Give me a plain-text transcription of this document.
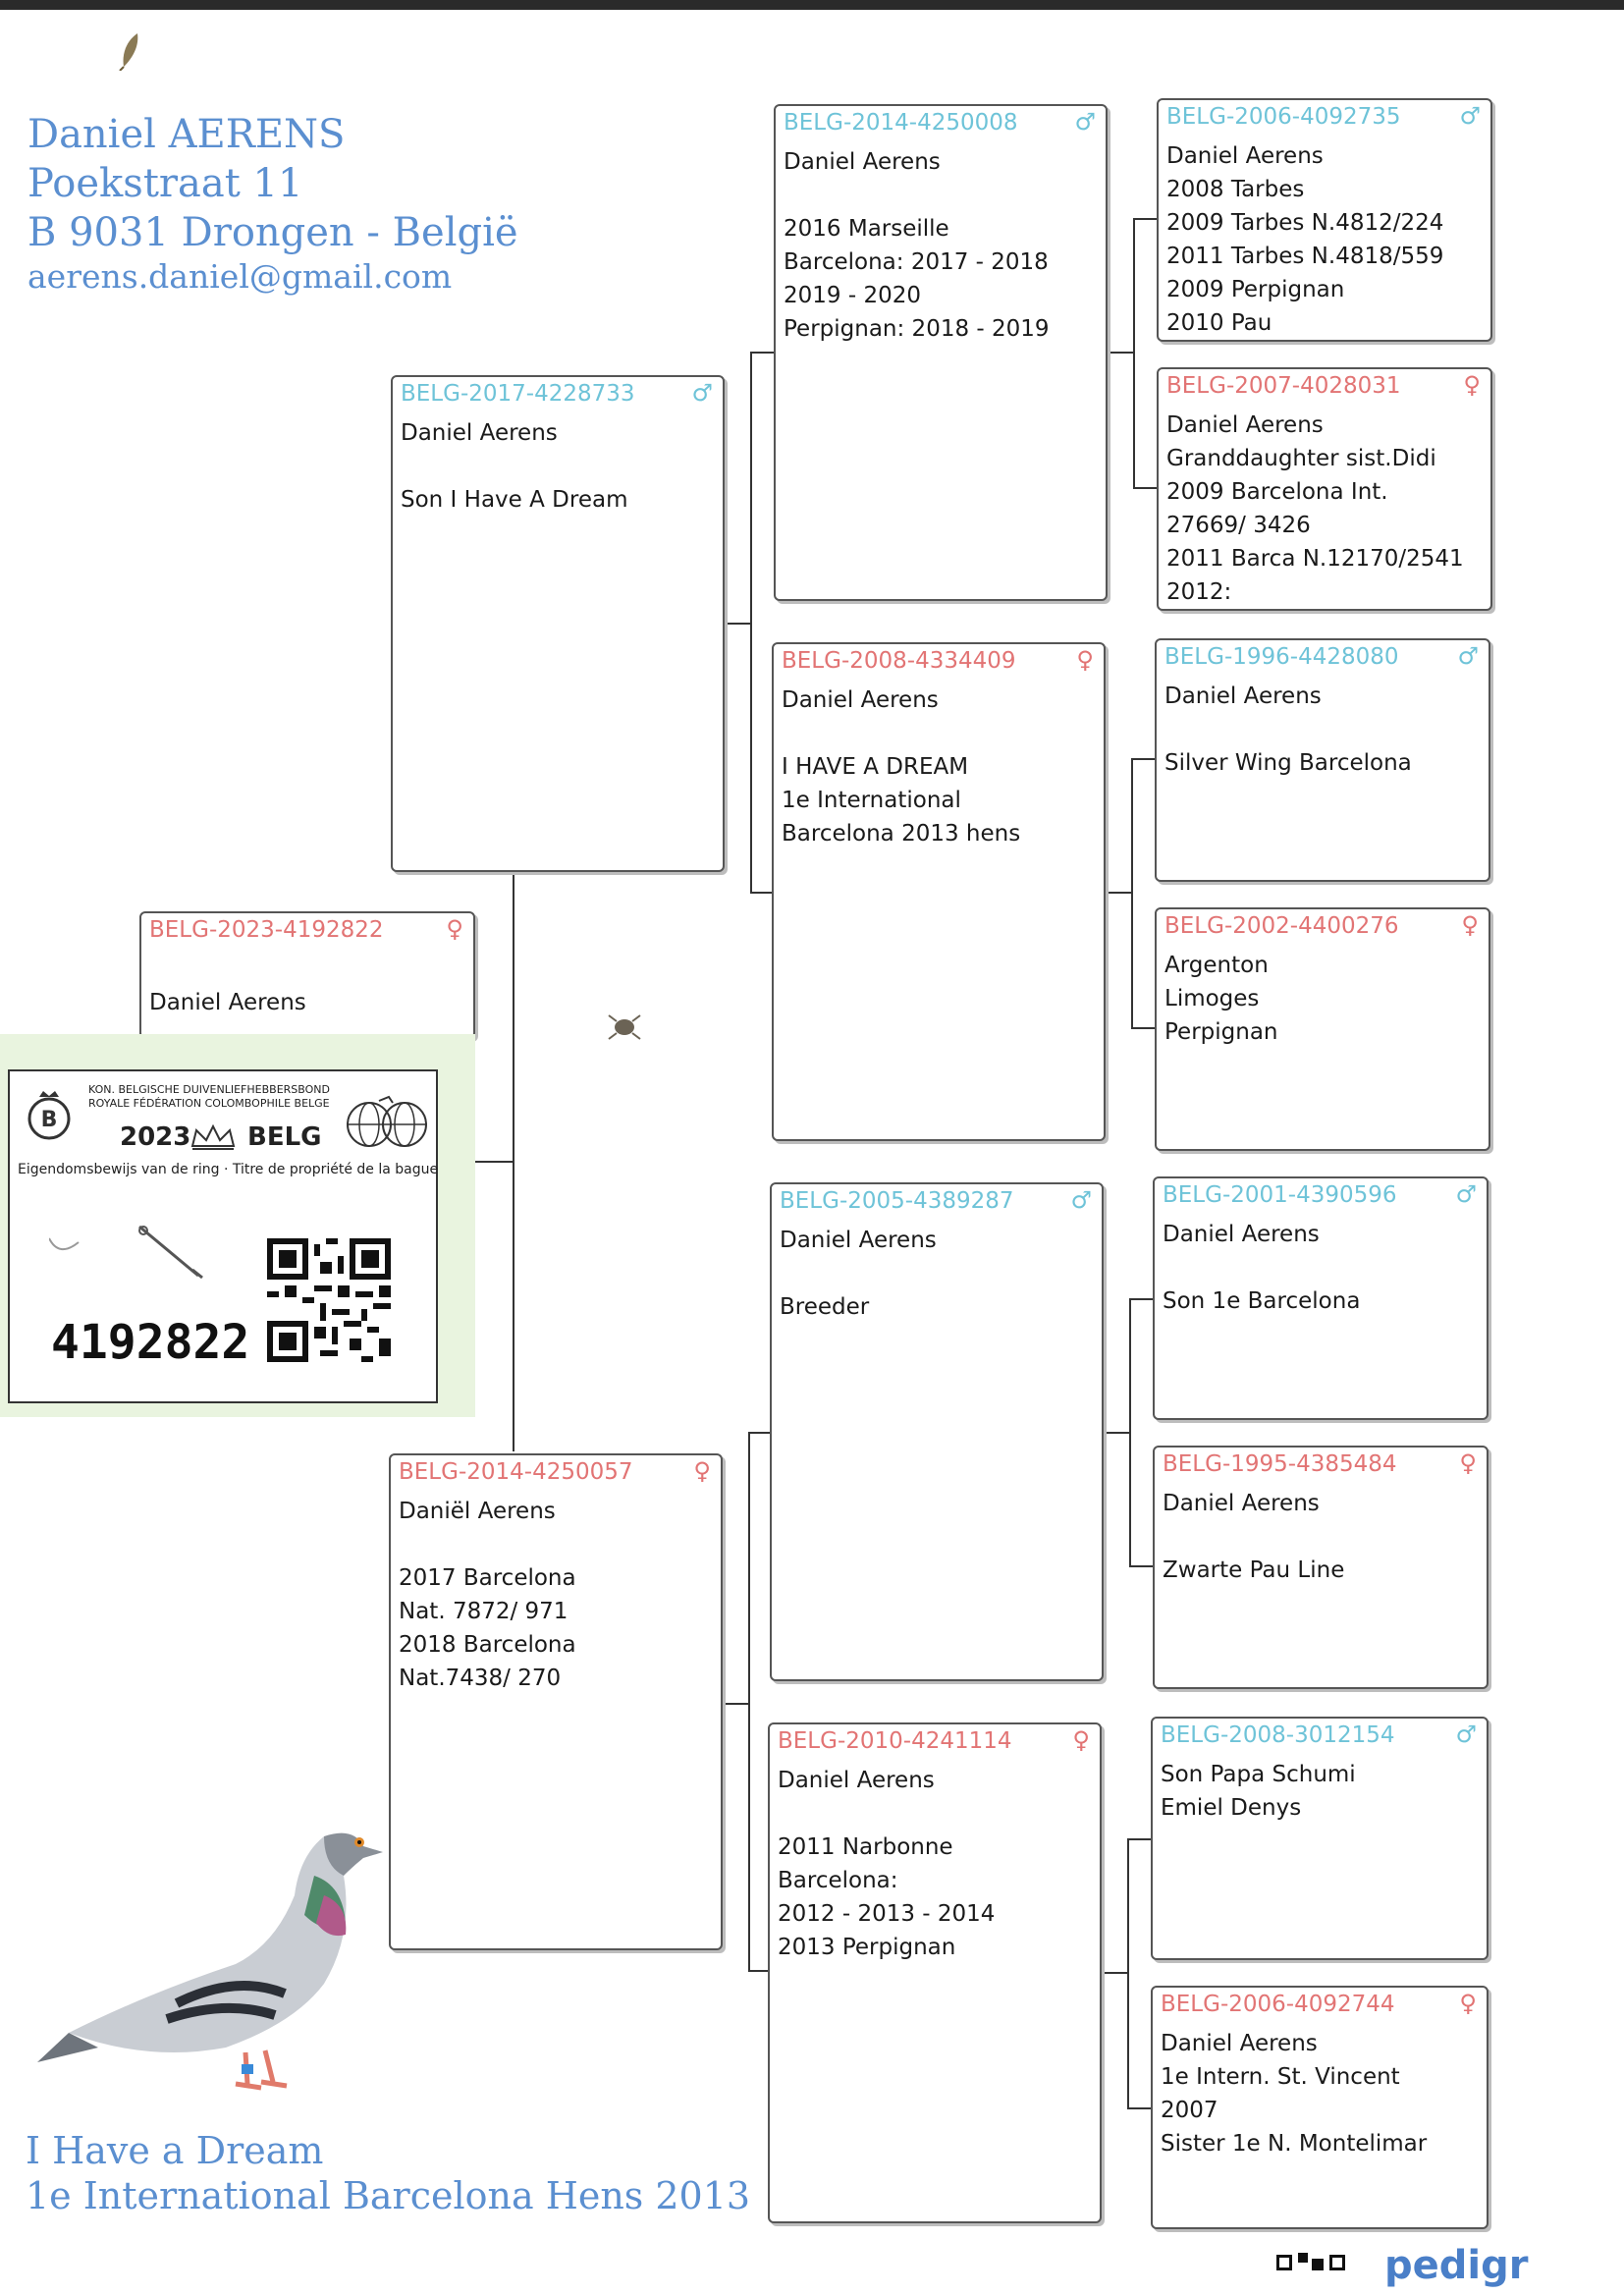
Daniel AERENS
Poekstraat 11
B 9031 Drongen - België
aerens.daniel@gmail.com
BELG-2023-4192822	♀

Daniel Aerens
BELG-2017-4228733 ♂
Daniel Aerens

Son I Have A Dream
BELG-2014-4250057	♀
Daniël Aerens

2017 Barcelona
Nat. 7872/ 971
2018 Barcelona
Nat.7438/ 270
BELG-2014-4250008 ♂
Daniel Aerens

2016 Marseille
Barcelona: 2017 - 2018
2019 - 2020
Perpignan: 2018 - 2019
BELG-2008-4334409	♀
Daniel Aerens

I HAVE A DREAM
1e International
Barcelona 2013 hens
BELG-2005-4389287 ♂
Daniel Aerens

Breeder
BELG-2010-4241114	♀
Daniel Aerens

2011 Narbonne
Barcelona:
2012 - 2013 - 2014
2013 Perpignan
BELG-2006-4092735 ♂
Daniel Aerens
2008 Tarbes
2009 Tarbes N.4812/224
2011 Tarbes N.4818/559
2009 Perpignan
2010 Pau
BELG-2007-4028031	♀
Daniel Aerens
Granddaughter sist.Didi
2009 Barcelona Int.
27669/ 3426
2011 Barca N.12170/2541
2012:
BELG-1996-4428080 ♂
Daniel Aerens

Silver Wing Barcelona
BELG-2002-4400276	♀
Argenton
Limoges
Perpignan
BELG-2001-4390596 ♂
Daniel Aerens

Son 1e Barcelona
BELG-1995-4385484	♀
Daniel Aerens

Zwarte Pau Line
BELG-2008-3012154	♂
Son Papa Schumi
Emiel Denys
BELG-2006-4092744	♀
Daniel Aerens
1e Intern. St. Vincent
2007
Sister 1e N. Montelimar
B
KON. BELGISCHE DUIVENLIEFHEBBERSBOND
ROYALE FÉDÉRATION COLOMBOPHILE BELGE
2023 BELG
Eigendomsbewijs van de ring · Titre de propriété de la bague
4192822
I Have a Dream
1e International Barcelona Hens 2013
pedigr
